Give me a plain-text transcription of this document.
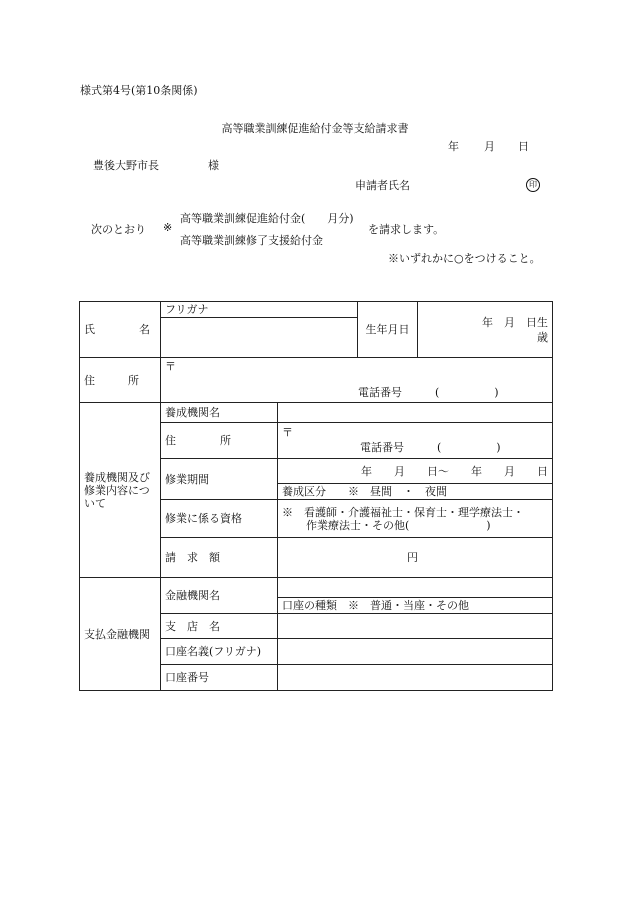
様式第4号(第10条関係)
高等職業訓練促進給付金等支給請求書
年 月 日
豊後大野市長	様
申請者氏名	印
次のとおり ※
高等職業訓練促進給付金(　　月分)
高等職業訓練修了支援給付金
を請求します。
※いずれかに○をつけること。
氏　　　　名	フリガナ		生年月日	年　月　日生
歳

住　　　所	〒
電話番号　　　(　　　　　)			

養成機関及び修業内容について	養成機関名			
	住　　　　所	〒
電話番号　　　(　　　　　)		

	修業期間	年　　月　　日～　　年　　月　　日		
		養成区分　　※　昼間　・　夜間		
	修業に係る資格	※　看護師・介護福祉士・保育士・理学療法士・
作業療法士・その他(　　　　　　　)		

	請　求　額	円		
支払金融機関	金融機関名			
		口座の種類　※　普通・当座・その他		
	支　店　名			
	口座名義(フリガナ)			
	口座番号			
